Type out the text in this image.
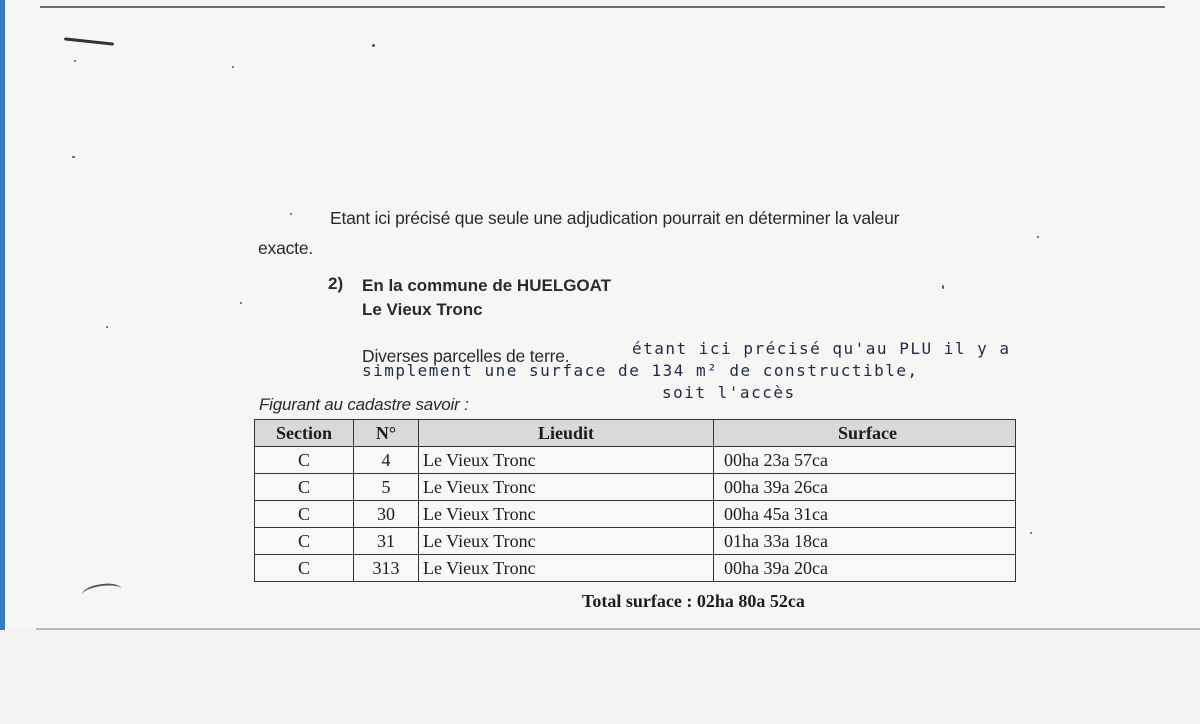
Etant ici précisé que seule une adjudication pourrait en déterminer la valeur
exacte.
2) En la commune de HUELGOAT
Le Vieux Tronc
Diverses parcelles de terre.	étant ici précisé qu'au PLU il y a
simplement une surface de 134 m² de constructible,
soit l'accès
Figurant au cadastre savoir :
Section	N°	Lieudit	Surface
C	4	Le Vieux Tronc	00ha 23a 57ca
C	5	Le Vieux Tronc	00ha 39a 26ca
C	30	Le Vieux Tronc	00ha 45a 31ca
C	31	Le Vieux Tronc	01ha 33a 18ca
C	313	Le Vieux Tronc	00ha 39a 20ca
Total surface : 02ha 80a 52ca
